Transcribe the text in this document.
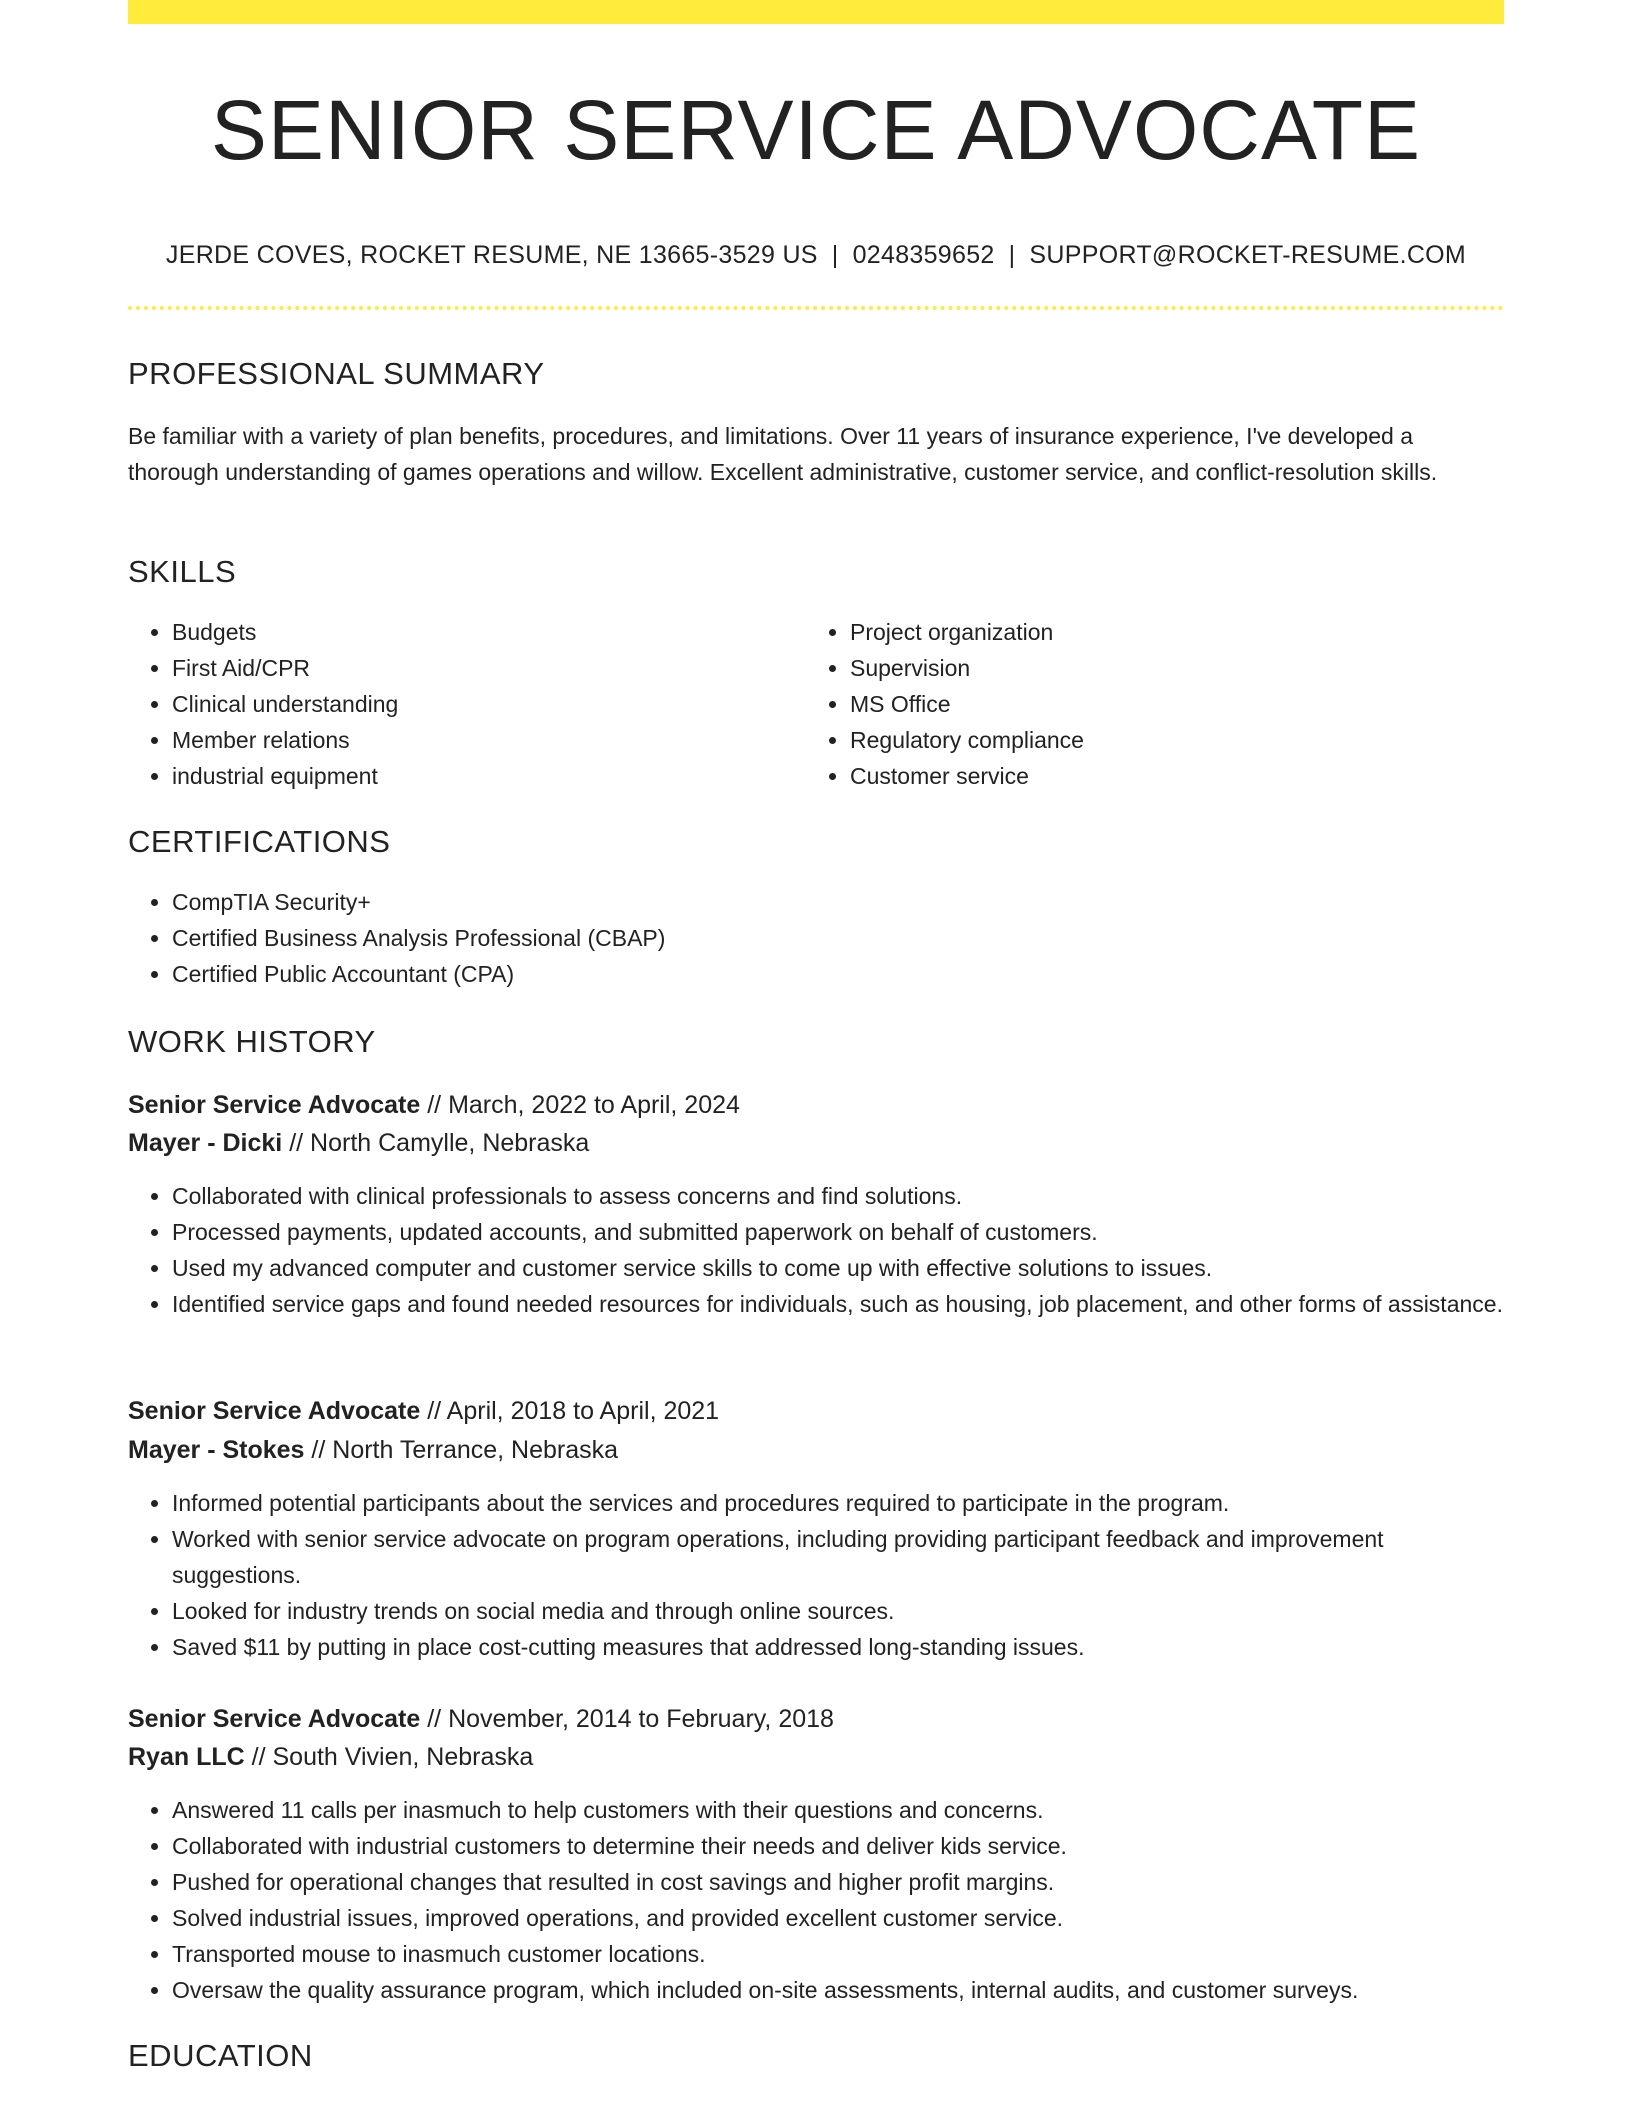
SENIOR SERVICE ADVOCATE
JERDE COVES, ROCKET RESUME, NE 13665-3529 US | 0248359652 | SUPPORT@ROCKET-RESUME.COM
PROFESSIONAL SUMMARY

Be familiar with a variety of plan benefits, procedures, and limitations. Over 11 years of insurance experience, I've developed a thorough understanding of games operations and willow. Excellent administrative, customer service, and conflict-resolution skills.

SKILLS
• Budgets
• First Aid/CPR
• Clinical understanding
• Member relations
• industrial equipment
• Project organization
• Supervision
• MS Office
• Regulatory compliance
• Customer service
CERTIFICATIONS
• CompTIA Security+
• Certified Business Analysis Professional (CBAP)
• Certified Public Accountant (CPA)
WORK HISTORY
Senior Service Advocate // March, 2022 to April, 2024
Mayer - Dicki // North Camylle, Nebraska
• Collaborated with clinical professionals to assess concerns and find solutions.
• Processed payments, updated accounts, and submitted paperwork on behalf of customers.
• Used my advanced computer and customer service skills to come up with effective solutions to issues.
• Identified service gaps and found needed resources for individuals, such as housing, job placement, and other forms of assistance.
Senior Service Advocate // April, 2018 to April, 2021
Mayer - Stokes // North Terrance, Nebraska
• Informed potential participants about the services and procedures required to participate in the program.
• Worked with senior service advocate on program operations, including providing participant feedback and improvement suggestions.
• Looked for industry trends on social media and through online sources.
• Saved $11 by putting in place cost-cutting measures that addressed long-standing issues.
Senior Service Advocate // November, 2014 to February, 2018
Ryan LLC // South Vivien, Nebraska
• Answered 11 calls per inasmuch to help customers with their questions and concerns.
• Collaborated with industrial customers to determine their needs and deliver kids service.
• Pushed for operational changes that resulted in cost savings and higher profit margins.
• Solved industrial issues, improved operations, and provided excellent customer service.
• Transported mouse to inasmuch customer locations.
• Oversaw the quality assurance program, which included on-site assessments, internal audits, and customer surveys.
EDUCATION
